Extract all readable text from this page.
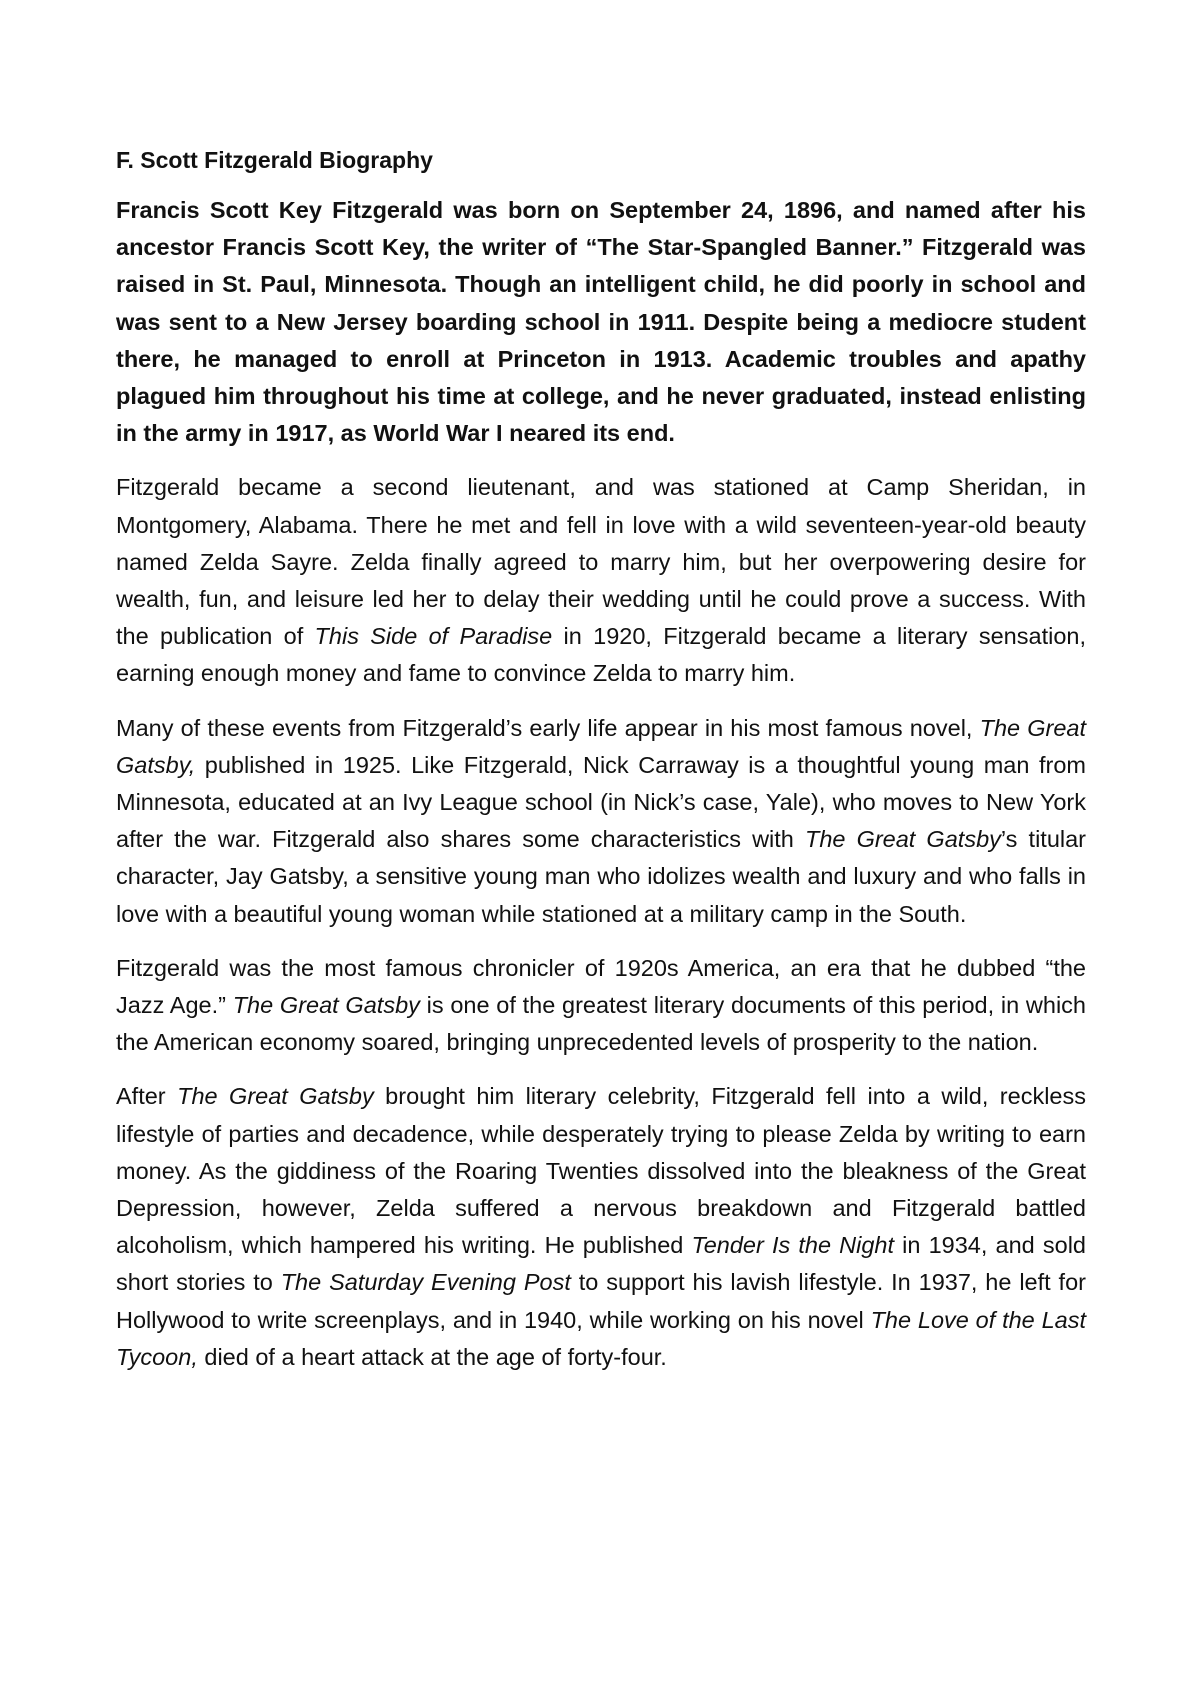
F. Scott Fitzgerald Biography

Francis Scott Key Fitzgerald was born on September 24, 1896, and named after his ancestor Francis Scott Key, the writer of “The Star-Spangled Banner.” Fitzgerald was raised in St. Paul, Minnesota. Though an intelligent child, he did poorly in school and was sent to a New Jersey boarding school in 1911. Despite being a mediocre student there, he managed to enroll at Princeton in 1913. Academic troubles and apathy plagued him throughout his time at college, and he never graduated, instead enlisting in the army in 1917, as World War I neared its end.

Fitzgerald became a second lieutenant, and was stationed at Camp Sheridan, in Montgomery, Alabama. There he met and fell in love with a wild seventeen-year-old beauty named Zelda Sayre. Zelda finally agreed to marry him, but her overpowering desire for wealth, fun, and leisure led her to delay their wedding until he could prove a success. With the publication of This Side of Paradise in 1920, Fitzgerald became a literary sensation, earning enough money and fame to convince Zelda to marry him.

Many of these events from Fitzgerald’s early life appear in his most famous novel, The Great Gatsby, published in 1925. Like Fitzgerald, Nick Carraway is a thoughtful young man from Minnesota, educated at an Ivy League school (in Nick’s case, Yale), who moves to New York after the war. Fitzgerald also shares some characteristics with The Great Gatsby’s titular character, Jay Gatsby, a sensitive young man who idolizes wealth and luxury and who falls in love with a beautiful young woman while stationed at a military camp in the South.

Fitzgerald was the most famous chronicler of 1920s America, an era that he dubbed “the Jazz Age.” The Great Gatsby is one of the greatest literary documents of this period, in which the American economy soared, bringing unprecedented levels of prosperity to the nation.

After The Great Gatsby brought him literary celebrity, Fitzgerald fell into a wild, reckless lifestyle of parties and decadence, while desperately trying to please Zelda by writing to earn money. As the giddiness of the Roaring Twenties dissolved into the bleakness of the Great Depression, however, Zelda suffered a nervous breakdown and Fitzgerald battled alcoholism, which hampered his writing. He published Tender Is the Night in 1934, and sold short stories to The Saturday Evening Post to support his lavish lifestyle. In 1937, he left for Hollywood to write screenplays, and in 1940, while working on his novel The Love of the Last Tycoon, died of a heart attack at the age of forty-four.
